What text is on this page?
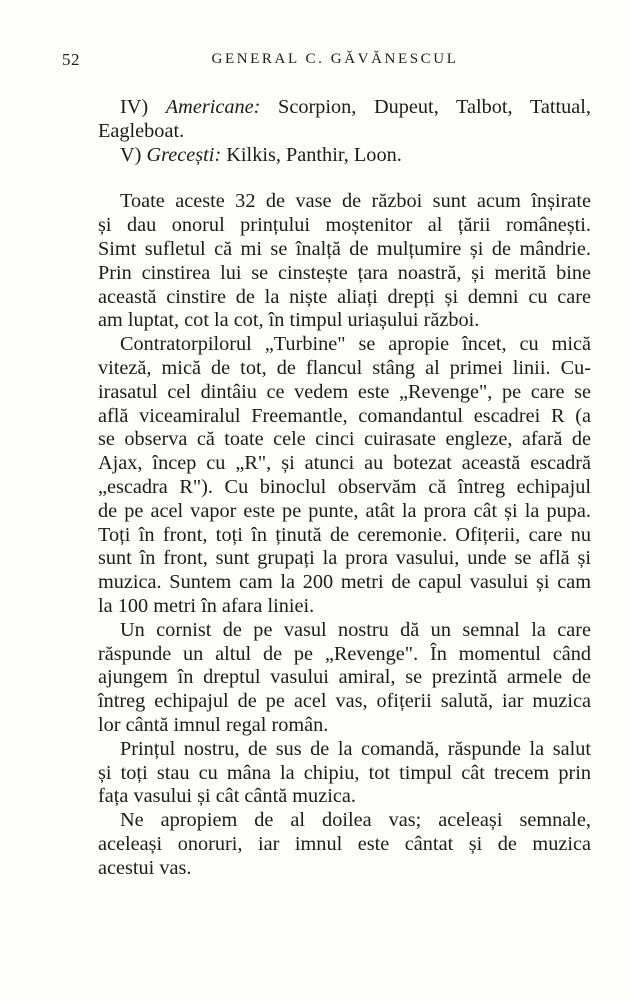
52	GENERAL C. GĂVĂNESCUL
IV) Americane: Scorpion, Dupeut, Talbot, Tattual,
Eagleboat.
V) Grecești: Kilkis, Panthir, Loon.
Toate aceste 32 de vase de război sunt acum înșirate
și dau onorul prințului moștenitor al țării românești.
Simt sufletul că mi se înalță de mulțumire și de mândrie.
Prin cinstirea lui se cinstește țara noastră, și merită bine
această cinstire de la niște aliați drepți și demni cu care
am luptat, cot la cot, în timpul uriașului război.
Contratorpilorul „Turbine" se apropie încet, cu mică
viteză, mică de tot, de flancul stâng al primei linii. Cu-
irasatul cel dintâiu ce vedem este „Revenge", pe care se
află viceamiralul Freemantle, comandantul escadrei R (a
se observa că toate cele cinci cuirasate engleze, afară de
Ajax, încep cu „R", și atunci au botezat această escadră
„escadra R"). Cu binoclul observăm că întreg echipajul
de pe acel vapor este pe punte, atât la prora cât și la pupa.
Toți în front, toți în ținută de ceremonie. Ofițerii, care nu
sunt în front, sunt grupați la prora vasului, unde se află și
muzica. Suntem cam la 200 metri de capul vasului și cam
la 100 metri în afara liniei.
Un cornist de pe vasul nostru dă un semnal la care
răspunde un altul de pe „Revenge". În momentul când
ajungem în dreptul vasului amiral, se prezintă armele de
întreg echipajul de pe acel vas, ofițerii salută, iar muzica
lor cântă imnul regal român.
Prințul nostru, de sus de la comandă, răspunde la salut
și toți stau cu mâna la chipiu, tot timpul cât trecem prin
fața vasului și cât cântă muzica.
Ne apropiem de al doilea vas; aceleași semnale,
aceleași onoruri, iar imnul este cântat și de muzica
acestui vas.
